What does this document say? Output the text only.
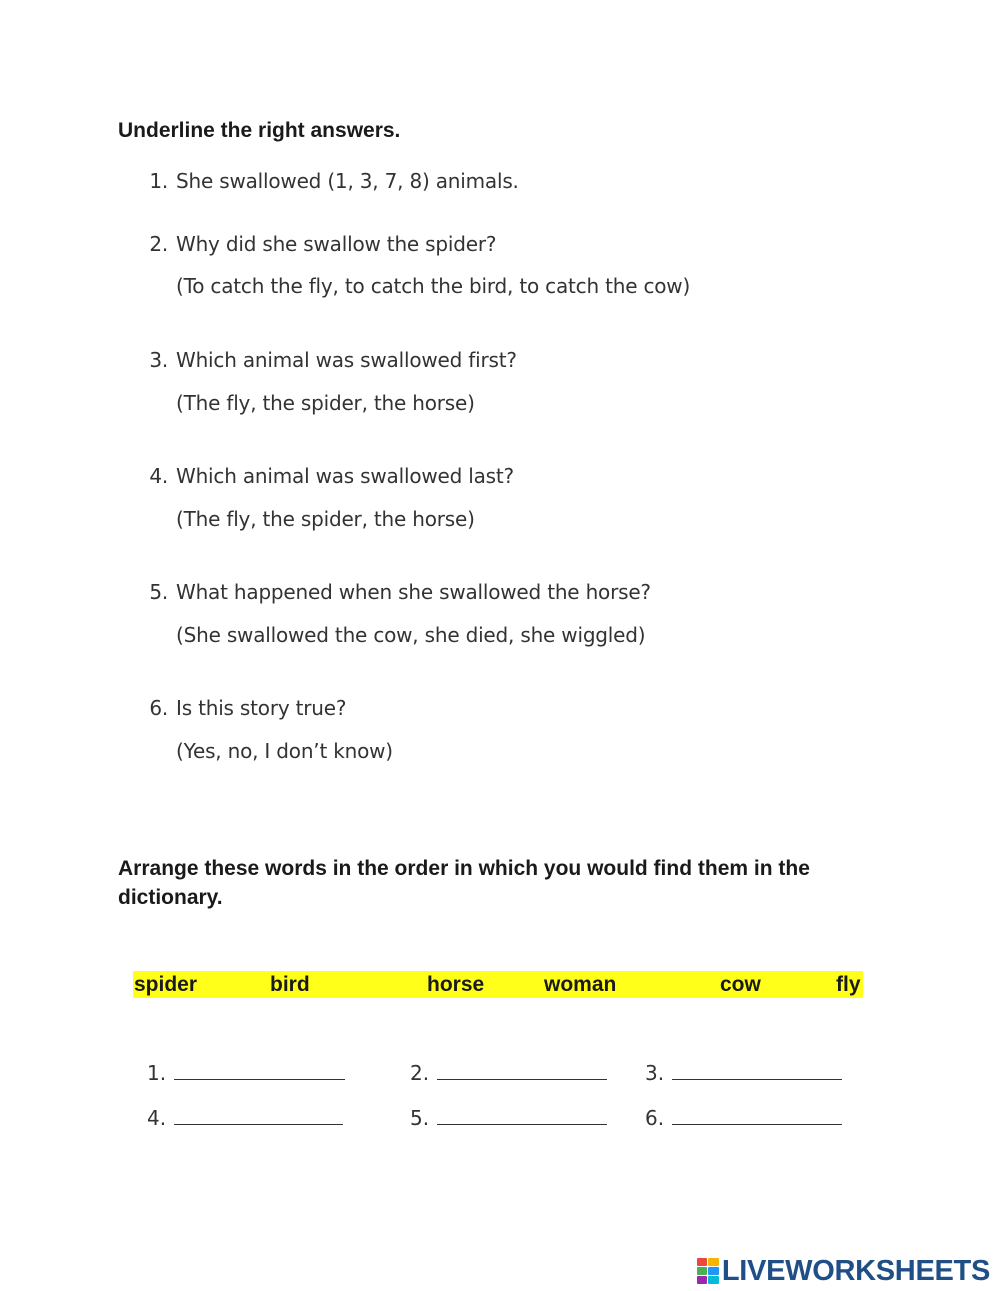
Underline the right answers.
1. She swallowed (1, 3, 7, 8) animals.
2. Why did she swallow the spider?
(To catch the fly, to catch the bird, to catch the cow)
3. Which animal was swallowed first?
(The fly, the spider, the horse)
4. Which animal was swallowed last?
(The fly, the spider, the horse)
5. What happened when she swallowed the horse?
(She swallowed the cow, she died, she wiggled)
6. Is this story true?
(Yes, no, I don’t know)
Arrange these words in the order in which you would find them in the dictionary.
spider	bird	horse	woman	cow	fly
1.	2.	3.
4.	5.	6.
LIVEWORKSHEETS
